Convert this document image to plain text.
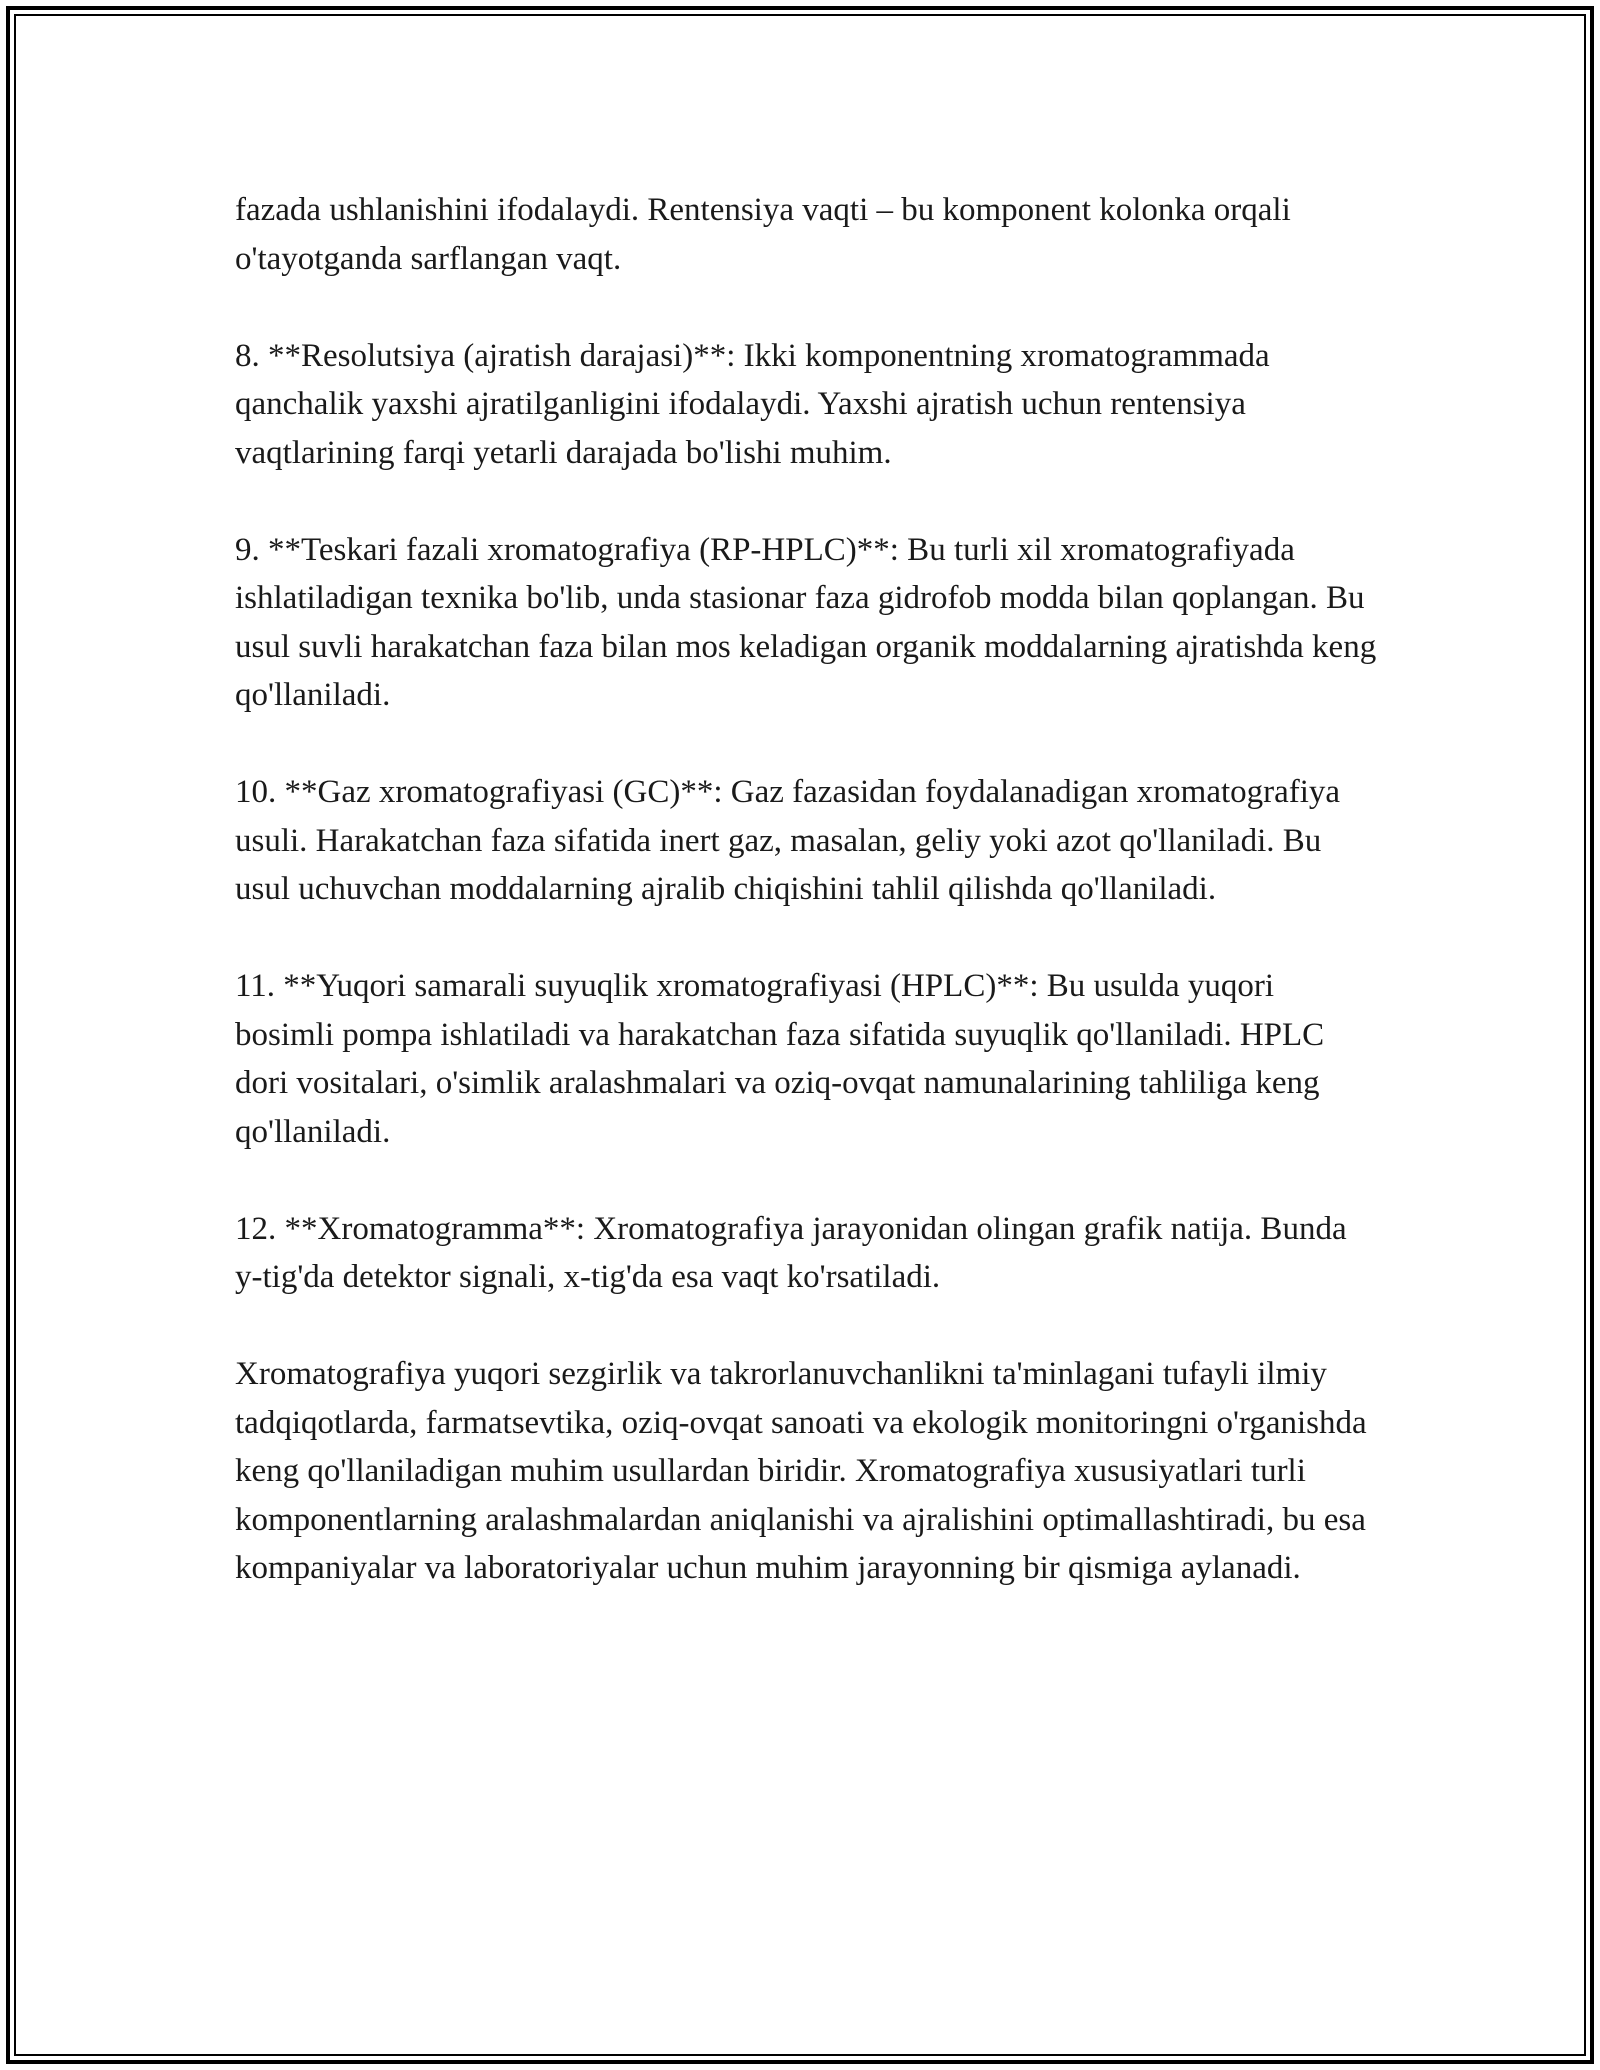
fazada ushlanishini ifodalaydi. Rentensiya vaqti – bu komponent kolonka orqali o'tayotganda sarflangan vaqt.

8. **Resolutsiya (ajratish darajasi)**: Ikki komponentning xromatogrammada qanchalik yaxshi ajratilganligini ifodalaydi. Yaxshi ajratish uchun rentensiya vaqtlarining farqi yetarli darajada bo'lishi muhim.

9. **Teskari fazali xromatografiya (RP-HPLC)**: Bu turli xil xromatografiyada ishlatiladigan texnika bo'lib, unda stasionar faza gidrofob modda bilan qoplangan. Bu usul suvli harakatchan faza bilan mos keladigan organik moddalarning ajratishda keng qo'llaniladi.

10. **Gaz xromatografiyasi (GC)**: Gaz fazasidan foydalanadigan xromatografiya usuli. Harakatchan faza sifatida inert gaz, masalan, geliy yoki azot qo'llaniladi. Bu usul uchuvchan moddalarning ajralib chiqishini tahlil qilishda qo'llaniladi.

11. **Yuqori samarali suyuqlik xromatografiyasi (HPLC)**: Bu usulda yuqori bosimli pompa ishlatiladi va harakatchan faza sifatida suyuqlik qo'llaniladi. HPLC dori vositalari, o'simlik aralashmalari va oziq-ovqat namunalarining tahliliga keng qo'llaniladi.

12. **Xromatogramma**: Xromatografiya jarayonidan olingan grafik natija. Bunda y-tig'da detektor signali, x-tig'da esa vaqt ko'rsatiladi.

Xromatografiya yuqori sezgirlik va takrorlanuvchanlikni ta'minlagani tufayli ilmiy tadqiqotlarda, farmatsevtika, oziq-ovqat sanoati va ekologik monitoringni o'rganishda keng qo'llaniladigan muhim usullardan biridir. Xromatografiya xususiyatlari turli komponentlarning aralashmalardan aniqlanishi va ajralishini optimallashtiradi, bu esa kompaniyalar va laboratoriyalar uchun muhim jarayonning bir qismiga aylanadi.
